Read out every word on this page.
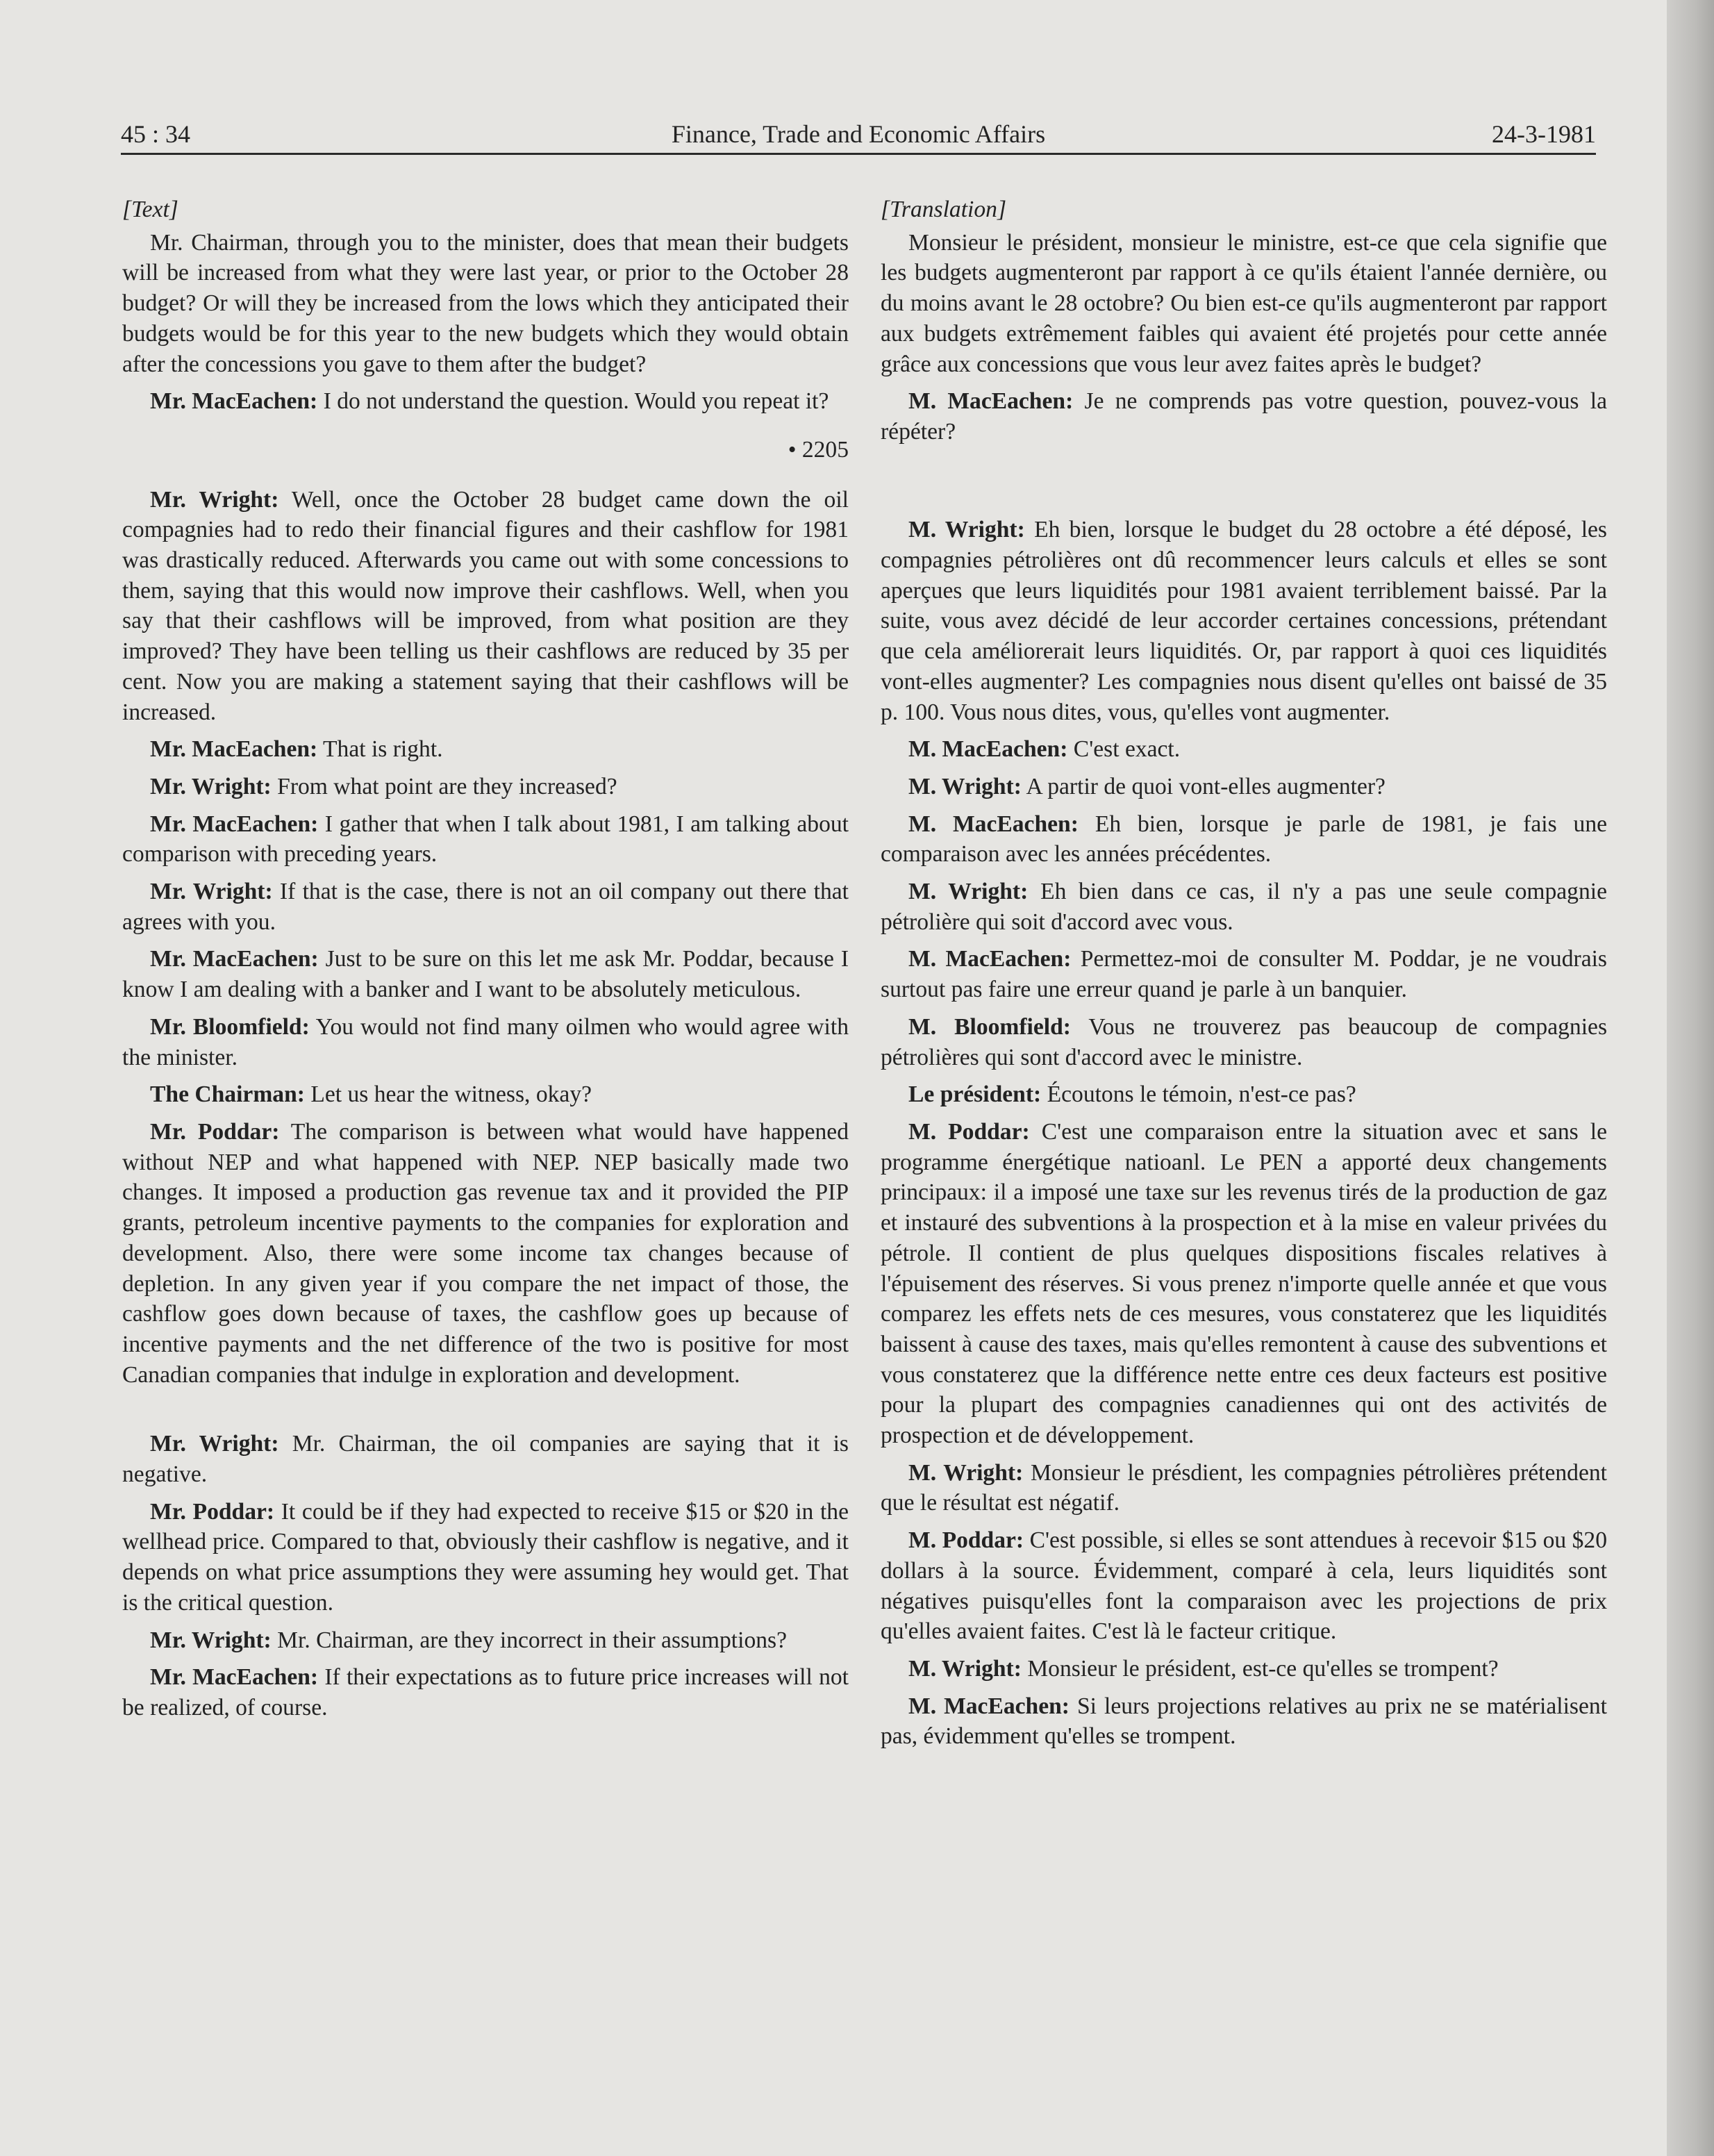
45 : 34	Finance, Trade and Economic Affairs	24-3-1981
[Text]

Mr. Chairman, through you to the minister, does that mean their budgets will be increased from what they were last year, or prior to the October 28 budget? Or will they be increased from the lows which they anticipated their budgets would be for this year to the new budgets which they would obtain after the concessions you gave to them after the budget?

Mr. MacEachen: I do not understand the question. Would you repeat it?

• 2205

Mr. Wright: Well, once the October 28 budget came down the oil compagnies had to redo their financial figures and their cashflow for 1981 was drastically reduced. Afterwards you came out with some concessions to them, saying that this would now improve their cashflows. Well, when you say that their cashflows will be improved, from what position are they improved? They have been telling us their cashflows are reduced by 35 per cent. Now you are making a statement saying that their cashflows will be increased.

Mr. MacEachen: That is right.

Mr. Wright: From what point are they increased?

Mr. MacEachen: I gather that when I talk about 1981, I am talking about comparison with preceding years.

Mr. Wright: If that is the case, there is not an oil company out there that agrees with you.

Mr. MacEachen: Just to be sure on this let me ask Mr. Poddar, because I know I am dealing with a banker and I want to be absolutely meticulous.

Mr. Bloomfield: You would not find many oilmen who would agree with the minister.

The Chairman: Let us hear the witness, okay?

Mr. Poddar: The comparison is between what would have happened without NEP and what happened with NEP. NEP basically made two changes. It imposed a production gas revenue tax and it provided the PIP grants, petroleum incentive payments to the companies for exploration and development. Also, there were some income tax changes because of depletion. In any given year if you compare the net impact of those, the cashflow goes down because of taxes, the cashflow goes up because of incentive payments and the net difference of the two is positive for most Canadian companies that indulge in exploration and development.

Mr. Wright: Mr. Chairman, the oil companies are saying that it is negative.

Mr. Poddar: It could be if they had expected to receive $15 or $20 in the wellhead price. Compared to that, obviously their cashflow is negative, and it depends on what price assumptions they were assuming hey would get. That is the critical question.

Mr. Wright: Mr. Chairman, are they incorrect in their assumptions?

Mr. MacEachen: If their expectations as to future price increases will not be realized, of course.

[Translation]

Monsieur le président, monsieur le ministre, est-ce que cela signifie que les budgets augmenteront par rapport à ce qu'ils étaient l'année dernière, ou du moins avant le 28 octobre? Ou bien est-ce qu'ils augmenteront par rapport aux budgets extrêmement faibles qui avaient été projetés pour cette année grâce aux concessions que vous leur avez faites après le budget?

M. MacEachen: Je ne comprends pas votre question, pouvez-vous la répéter?

M. Wright: Eh bien, lorsque le budget du 28 octobre a été déposé, les compagnies pétrolières ont dû recommencer leurs calculs et elles se sont aperçues que leurs liquidités pour 1981 avaient terriblement baissé. Par la suite, vous avez décidé de leur accorder certaines concessions, prétendant que cela améliorerait leurs liquidités. Or, par rapport à quoi ces liquidités vont-elles augmenter? Les compagnies nous disent qu'elles ont baissé de 35 p. 100. Vous nous dites, vous, qu'elles vont augmenter.

M. MacEachen: C'est exact.

M. Wright: A partir de quoi vont-elles augmenter?

M. MacEachen: Eh bien, lorsque je parle de 1981, je fais une comparaison avec les années précédentes.

M. Wright: Eh bien dans ce cas, il n'y a pas une seule compagnie pétrolière qui soit d'accord avec vous.

M. MacEachen: Permettez-moi de consulter M. Poddar, je ne voudrais surtout pas faire une erreur quand je parle à un banquier.

M. Bloomfield: Vous ne trouverez pas beaucoup de compagnies pétrolières qui sont d'accord avec le ministre.

Le président: Écoutons le témoin, n'est-ce pas?

M. Poddar: C'est une comparaison entre la situation avec et sans le programme énergétique natioanl. Le PEN a apporté deux changements principaux: il a imposé une taxe sur les revenus tirés de la production de gaz et instauré des subventions à la prospection et à la mise en valeur privées du pétrole. Il contient de plus quelques dispositions fiscales relatives à l'épuisement des réserves. Si vous prenez n'importe quelle année et que vous comparez les effets nets de ces mesures, vous constaterez que les liquidités baissent à cause des taxes, mais qu'elles remontent à cause des subventions et vous constaterez que la différence nette entre ces deux facteurs est positive pour la plupart des compagnies canadiennes qui ont des activités de prospection et de développement.

M. Wright: Monsieur le présdient, les compagnies pétrolières prétendent que le résultat est négatif.

M. Poddar: C'est possible, si elles se sont attendues à recevoir $15 ou $20 dollars à la source. Évidemment, comparé à cela, leurs liquidités sont négatives puisqu'elles font la comparaison avec les projections de prix qu'elles avaient faites. C'est là le facteur critique.

M. Wright: Monsieur le président, est-ce qu'elles se trompent?

M. MacEachen: Si leurs projections relatives au prix ne se matérialisent pas, évidemment qu'elles se trompent.
